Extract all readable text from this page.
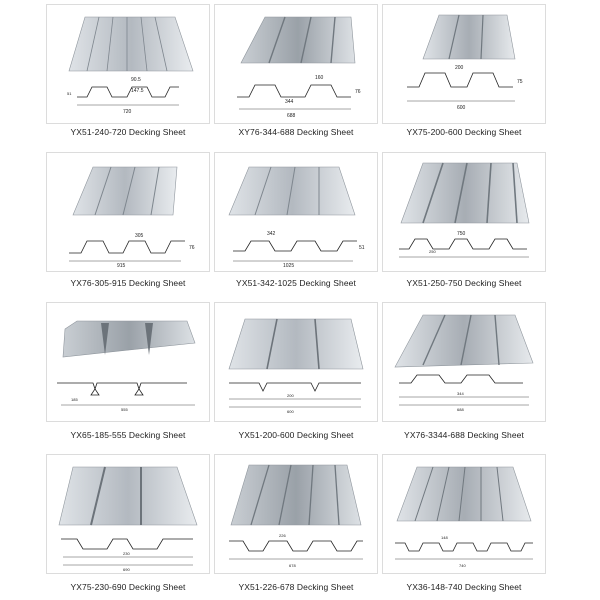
90.5
147.5
720
51
YX51-240-720 Decking Sheet
160
344
688
76
XY76-344-688 Decking Sheet
200
600
75
YX75-200-600 Decking Sheet
305
915
76
YX76-305-915 Decking Sheet
342
1025
51
YX51-342-1025 Decking Sheet
750
250
YX51-250-750 Decking Sheet
185
555
YX65-185-555 Decking Sheet
200
600
YX51-200-600 Decking Sheet
344
688
YX76-3344-688 Decking Sheet
230
690
YX75-230-690 Decking Sheet
226
678
YX51-226-678 Decking Sheet
148
740
YX36-148-740 Decking Sheet
